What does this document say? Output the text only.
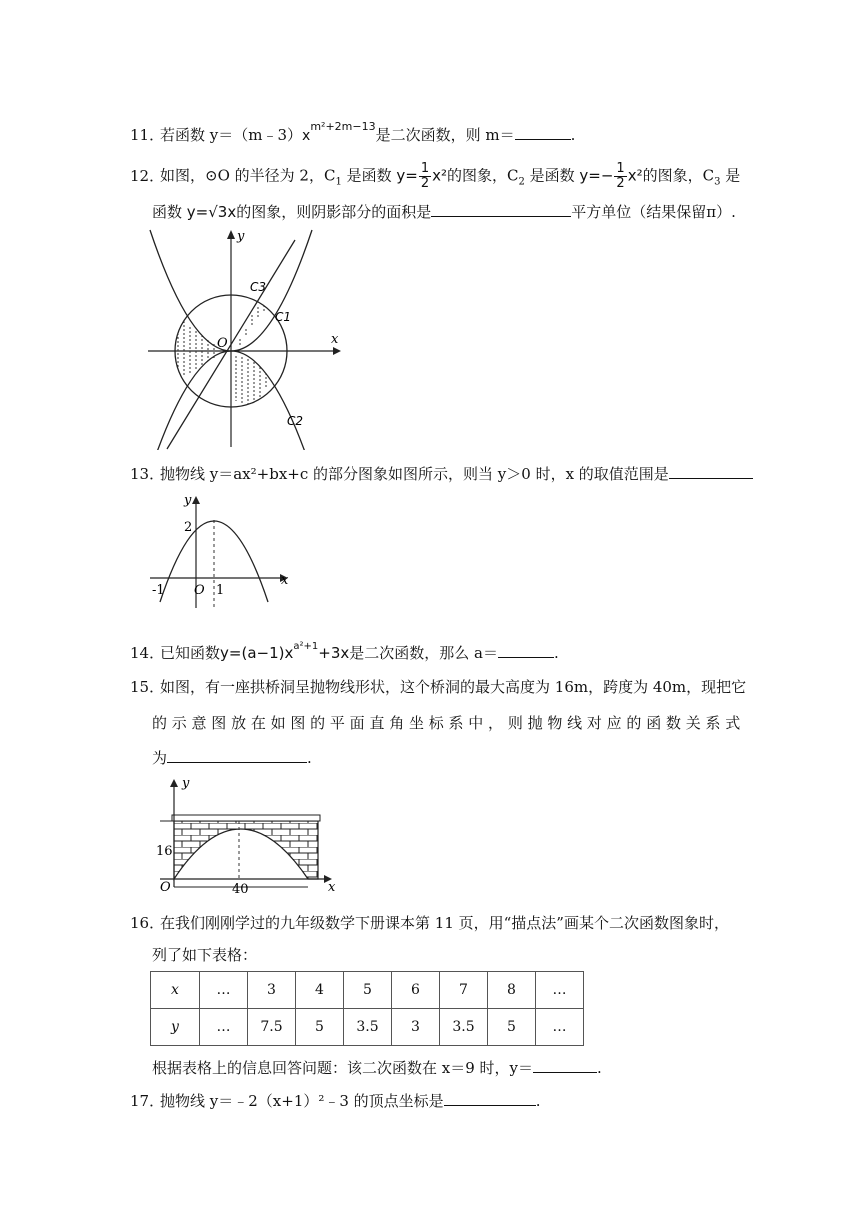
11．若函数 $y=(m﹣3)x^{m^2+2m-13}$是二次函数，则 m＝	.
12．如图，⊙O 的半径为 2，$C_1$ 是函数 $y= \frac{1}{2} x^2$的图象，$C_2$ 是函数 $y=- \frac{1}{2} x^2$的图象，$C_3$ 是
函数 y=√3x的图象，则阴影部分的面积是	平方单位（结果保留π）.
y
x
O
C3
C1
C2
13．抛物线 y＝ax²+bx+c 的部分图象如图所示，则当 y＞0 时，x 的取值范围是
y
x
2
-1 O 1
14．已知函数$y=(a-1)x^{a^2+1}+3x$是二次函数，那么 a＝	.
15．如图，有一座拱桥洞呈抛物线形状，这个桥洞的最大高度为 16m，跨度为 40m，现把它
的 示 意 图 放 在 如 图 的 平 面 直 角 坐 标 系 中 ， 则 抛 物 线 对 应 的 函 数 关 系 式
为	.
y
x
O
16
40
16．在我们刚刚学过的九年级数学下册课本第 11 页，用“描点法”画某个二次函数图象时，
列了如下表格：
x	…	3	4	5	6	7	8	…
y	…	7.5	5	3.5	3	3.5	5	…
根据表格上的信息回答问题：该二次函数在 x＝9 时，y＝	.
17．抛物线 y＝﹣2（x+1）²﹣3 的顶点坐标是	.
